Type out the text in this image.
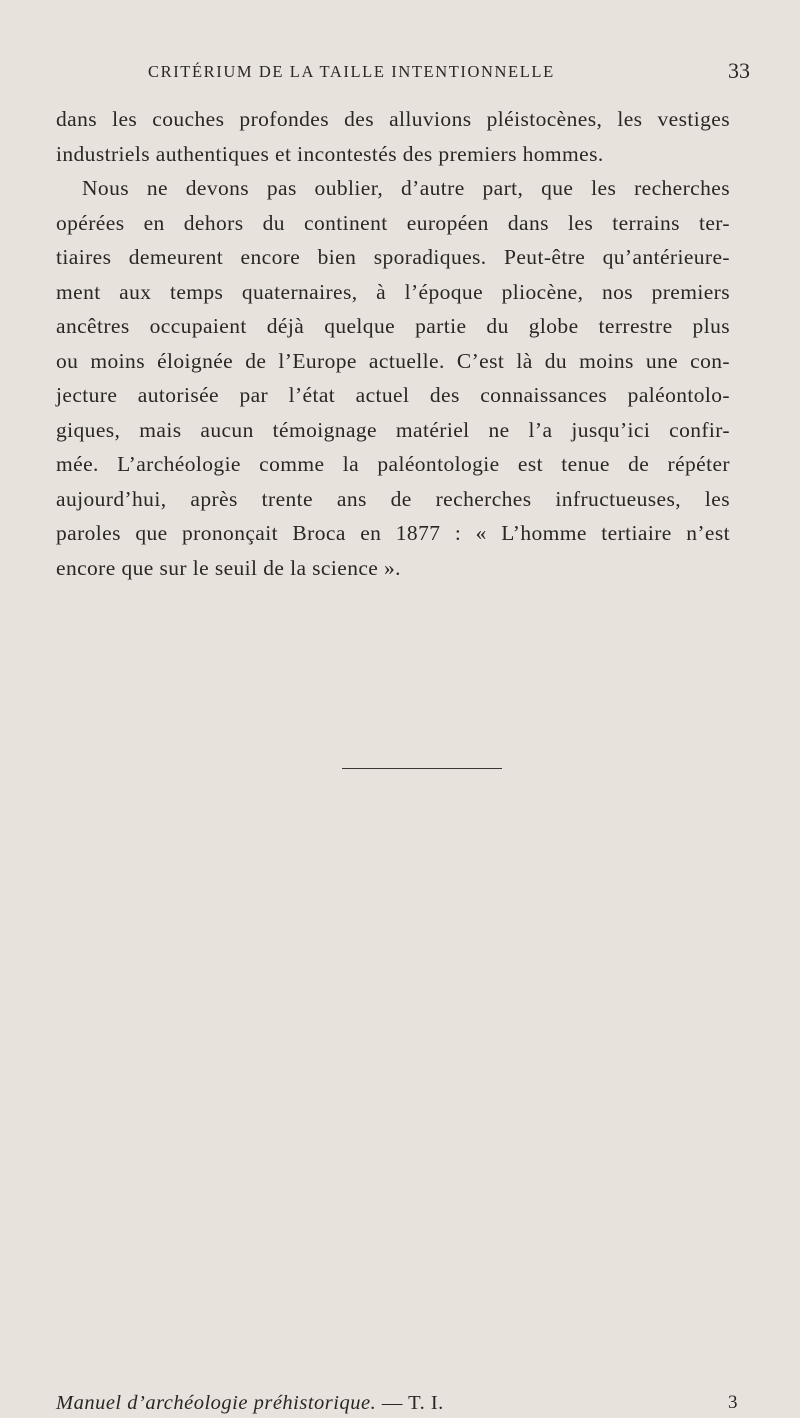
CRITÉRIUM DE LA TAILLE INTENTIONNELLE	33
dans les couches profondes des alluvions pléistocènes, les vestiges
industriels authentiques et incontestés des premiers hommes.
Nous ne devons pas oublier, d’autre part, que les recherches
opérées en dehors du continent européen dans les terrains ter-
tiaires demeurent encore bien sporadiques. Peut-être qu’antérieure-
ment aux temps quaternaires, à l’époque pliocène, nos premiers
ancêtres occupaient déjà quelque partie du globe terrestre plus
ou moins éloignée de l’Europe actuelle. C’est là du moins une con-
jecture autorisée par l’état actuel des connaissances paléontolo-
giques, mais aucun témoignage matériel ne l’a jusqu’ici confir-
mée. L’archéologie comme la paléontologie est tenue de répéter
aujourd’hui, après trente ans de recherches infructueuses, les
paroles que prononçait Broca en 1877 : « L’homme tertiaire n’est
encore que sur le seuil de la science ».
Manuel d’archéologie préhistorique. — T. I.	3
